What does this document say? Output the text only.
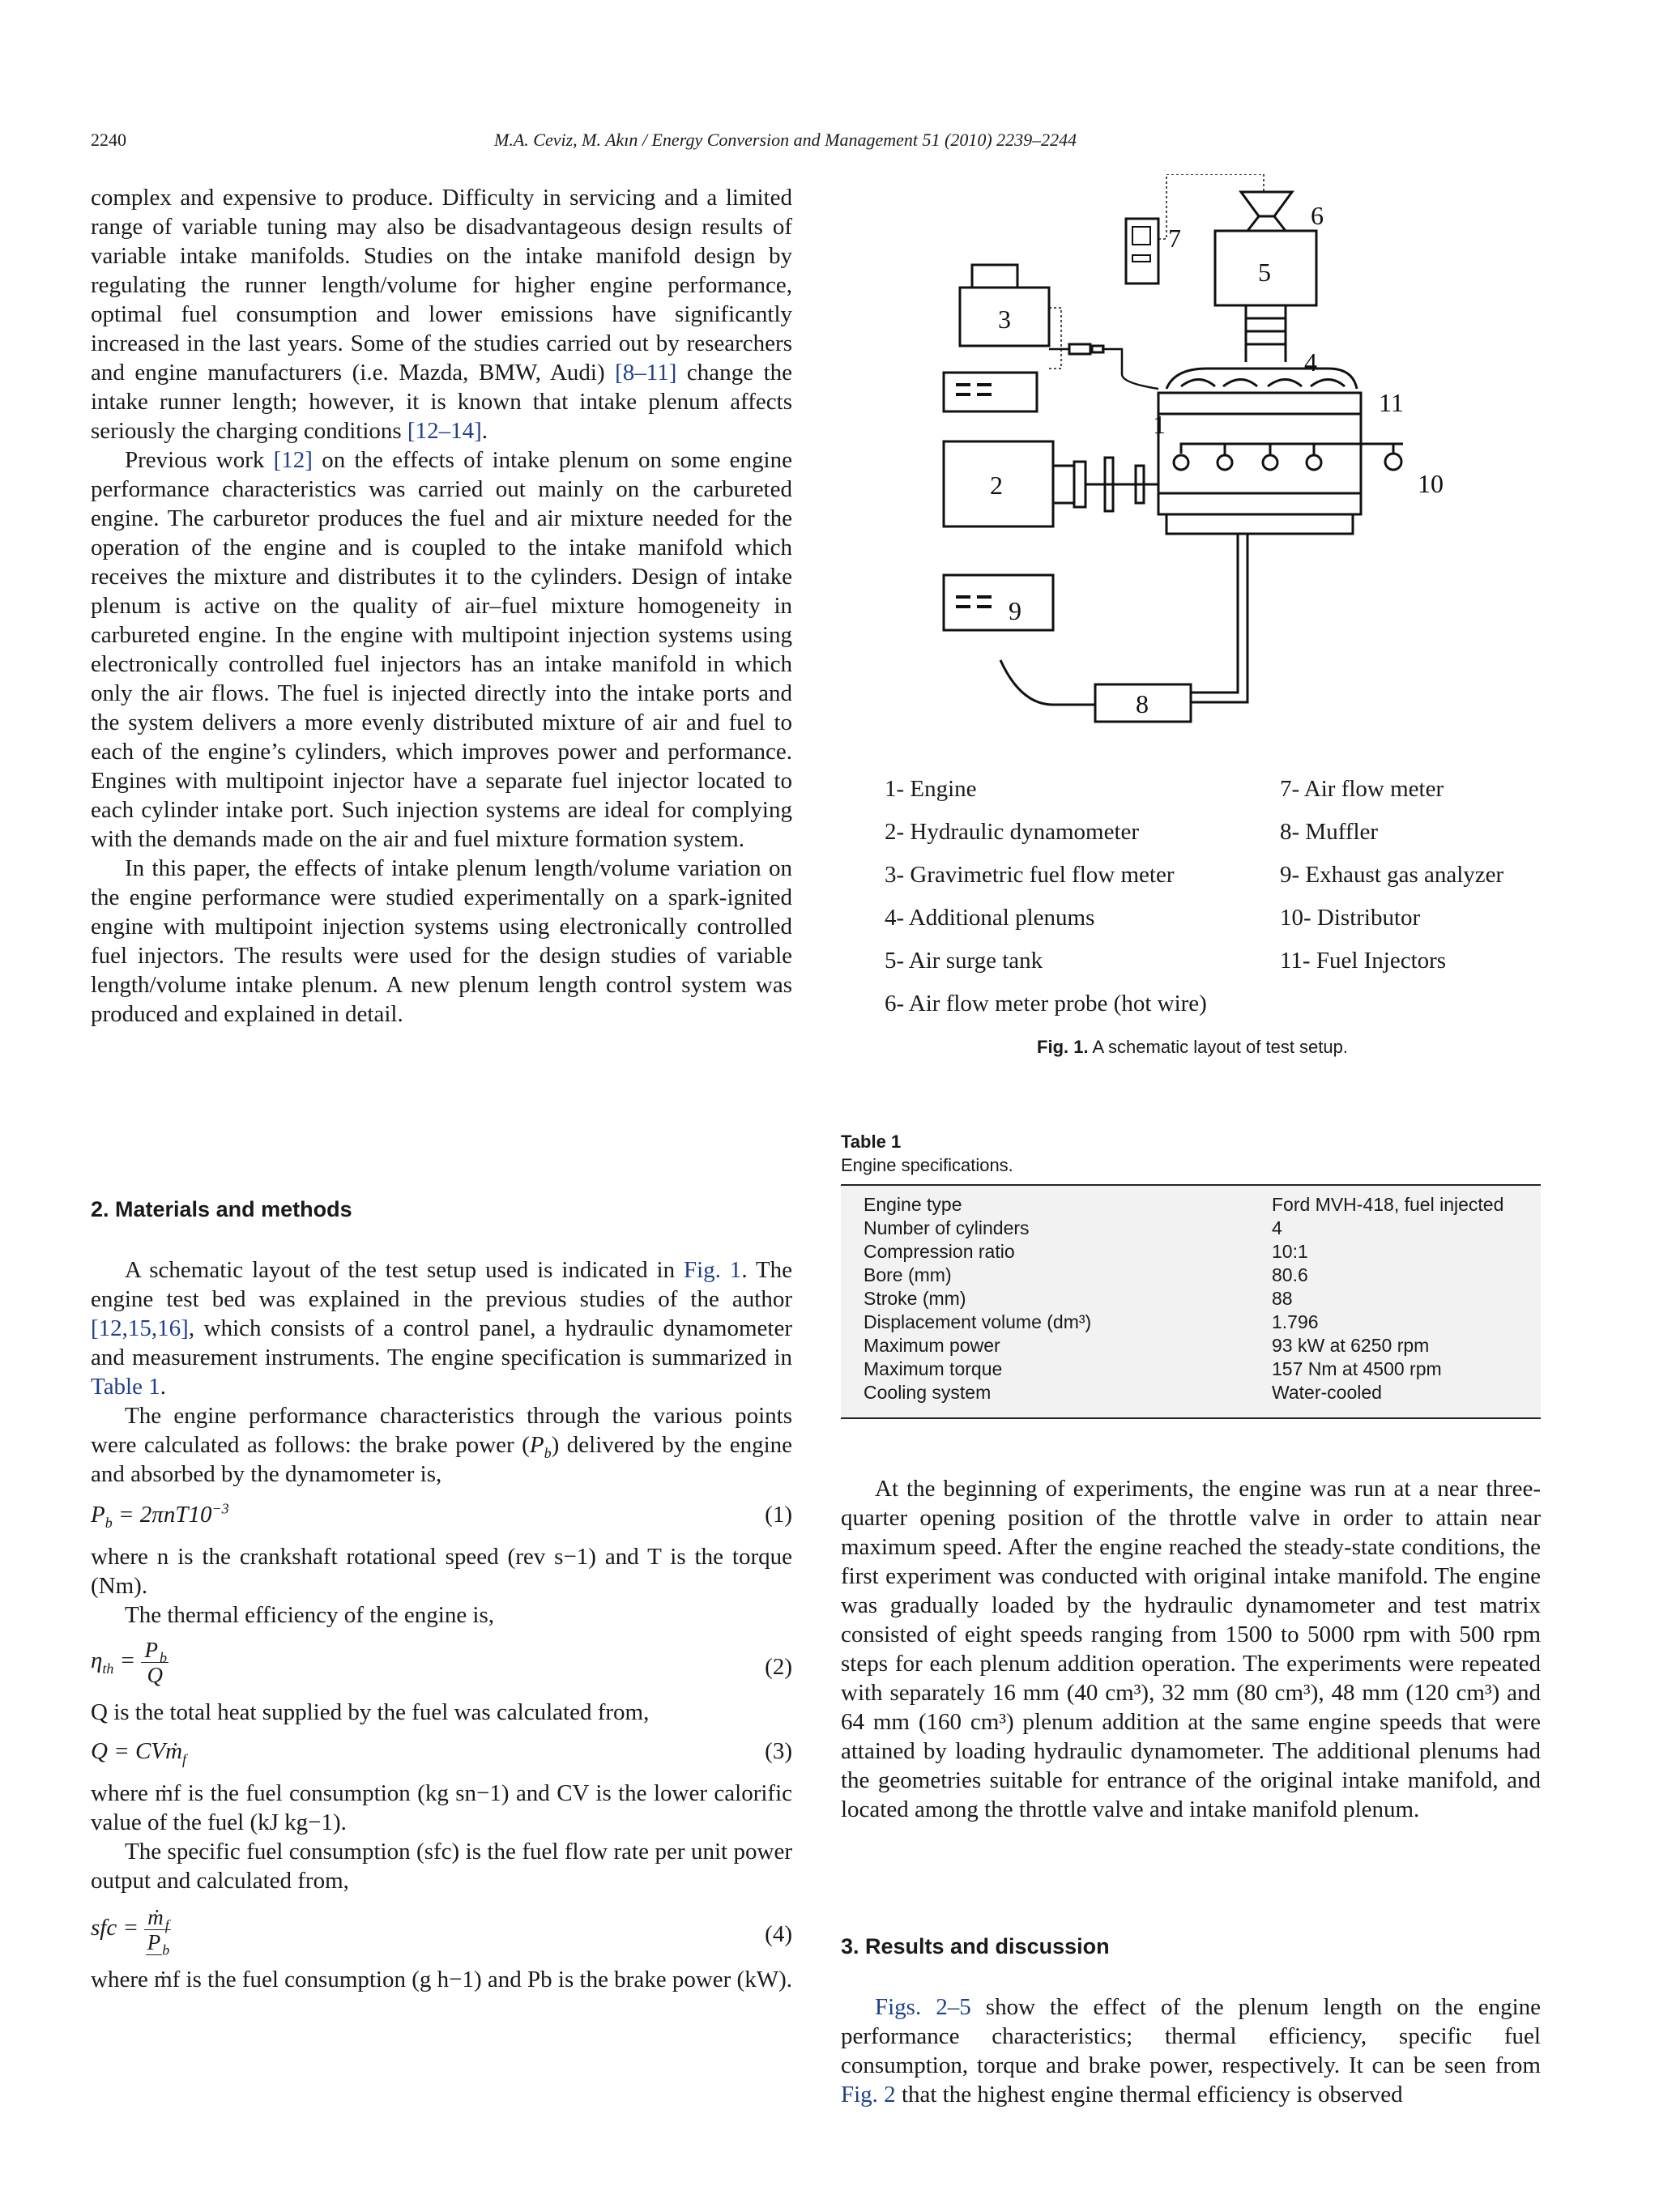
2240	M.A. Ceviz, M. Akın / Energy Conversion and Management 51 (2010) 2239–2244

complex and expensive to produce. Difficulty in servicing and a limited range of variable tuning may also be disadvantageous design results of variable intake manifolds. Studies on the intake manifold design by regulating the runner length/volume for higher engine performance, optimal fuel consumption and lower emissions have significantly increased in the last years. Some of the studies carried out by researchers and engine manufacturers (i.e. Mazda, BMW, Audi) [8–11] change the intake runner length; however, it is known that intake plenum affects seriously the charging conditions [12–14].

Previous work [12] on the effects of intake plenum on some engine performance characteristics was carried out mainly on the carbureted engine. The carburetor produces the fuel and air mixture needed for the operation of the engine and is coupled to the intake manifold which receives the mixture and distributes it to the cylinders. Design of intake plenum is active on the quality of air–fuel mixture homogeneity in carbureted engine. In the engine with multipoint injection systems using electronically controlled fuel injectors has an intake manifold in which only the air flows. The fuel is injected directly into the intake ports and the system delivers a more evenly distributed mixture of air and fuel to each of the engine’s cylinders, which improves power and performance. Engines with multipoint injector have a separate fuel injector located to each cylinder intake port. Such injection systems are ideal for complying with the demands made on the air and fuel mixture formation system.

In this paper, the effects of intake plenum length/volume variation on the engine performance were studied experimentally on a spark-ignited engine with multipoint injection systems using electronically controlled fuel injectors. The results were used for the design studies of variable length/volume intake plenum. A new plenum length control system was produced and explained in detail.

2. Materials and methods

A schematic layout of the test setup used is indicated in Fig. 1. The engine test bed was explained in the previous studies of the author [12,15,16], which consists of a control panel, a hydraulic dynamometer and measurement instruments. The engine specification is summarized in Table 1.

The engine performance characteristics through the various points were calculated as follows: the brake power $(P_b)$ delivered by the engine and absorbed by the dynamometer is,

$P_b = 2\pi nT10^{-3}$	(1)

where n is the crankshaft rotational speed (rev s−1) and T is the torque (Nm).

The thermal efficiency of the engine is,

$\eta_{th} = \frac{P _b}{Q}$	(2)

Q is the total heat supplied by the fuel was calculated from,

Q = CVṁ$_f$	(3)

where ṁf is the fuel consumption (kg sn−1) and CV is the lower calorific value of the fuel (kJ kg−1).

The specific fuel consumption (sfc) is the fuel flow rate per unit power output and calculated from,

sfc = $\frac{ṁ _f}{P _b}$	(4)

where ṁf is the fuel consumption (g h−1) and Pb is the brake power (kW).

1
2
3
4
5
6
7
8
9
10
11
1- Engine
2- Hydraulic dynamometer
3- Gravimetric fuel flow meter
4- Additional plenums
5- Air surge tank
6- Air flow meter probe (hot wire)
7- Air flow meter
8- Muffler
9- Exhaust gas analyzer
10- Distributor
11- Fuel Injectors
Fig. 1. A schematic layout of test setup.
Table 1
Engine specifications.
Engine type	Ford MVH-418, fuel injected
Number of cylinders	4
Compression ratio	10:1
Bore (mm)	80.6
Stroke (mm)	88
Displacement volume (dm³)	1.796
Maximum power	93 kW at 6250 rpm
Maximum torque	157 Nm at 4500 rpm
Cooling system	Water-cooled

At the beginning of experiments, the engine was run at a near three-quarter opening position of the throttle valve in order to attain near maximum speed. After the engine reached the steady-state conditions, the first experiment was conducted with original intake manifold. The engine was gradually loaded by the hydraulic dynamometer and test matrix consisted of eight speeds ranging from 1500 to 5000 rpm with 500 rpm steps for each plenum addition operation. The experiments were repeated with separately 16 mm (40 cm³), 32 mm (80 cm³), 48 mm (120 cm³) and 64 mm (160 cm³) plenum addition at the same engine speeds that were attained by loading hydraulic dynamometer. The additional plenums had the geometries suitable for entrance of the original intake manifold, and located among the throttle valve and intake manifold plenum.

3. Results and discussion

Figs. 2–5 show the effect of the plenum length on the engine performance characteristics; thermal efficiency, specific fuel consumption, torque and brake power, respectively. It can be seen from Fig. 2 that the highest engine thermal efficiency is observed
